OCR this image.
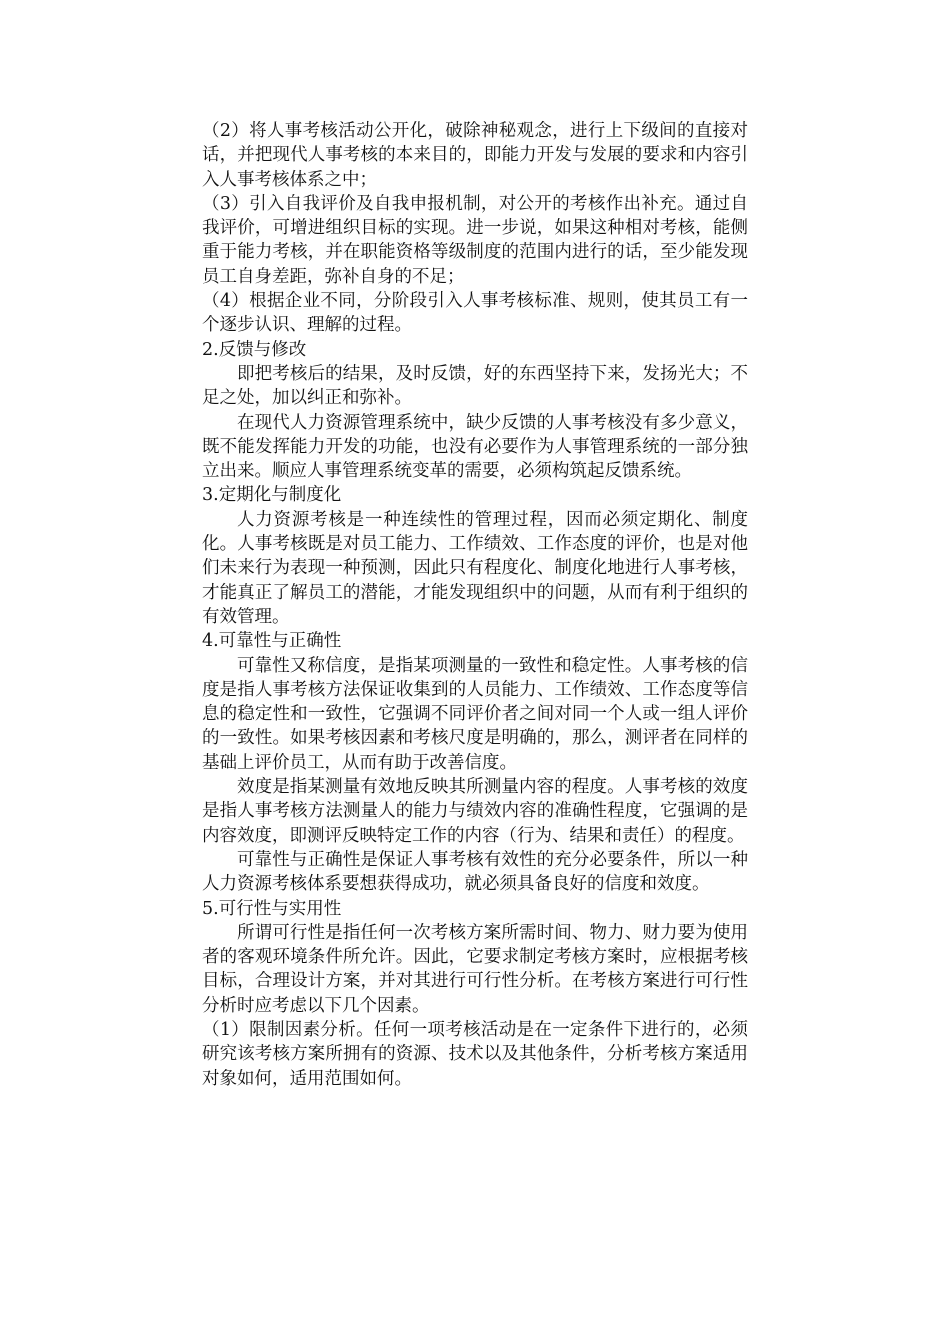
（2）将人事考核活动公开化，破除神秘观念，进行上下级间的直接对话，并把现代人事考核的本来目的，即能力开发与发展的要求和内容引入人事考核体系之中；

（3）引入自我评价及自我申报机制，对公开的考核作出补充。通过自我评价，可增进组织目标的实现。进一步说，如果这种相对考核，能侧重于能力考核，并在职能资格等级制度的范围内进行的话，至少能发现员工自身差距，弥补自身的不足；

（4）根据企业不同，分阶段引入人事考核标准、规则，使其员工有一个逐步认识、理解的过程。

2.反馈与修改

即把考核后的结果，及时反馈，好的东西坚持下来，发扬光大；不足之处，加以纠正和弥补。

在现代人力资源管理系统中，缺少反馈的人事考核没有多少意义，既不能发挥能力开发的功能，也没有必要作为人事管理系统的一部分独立出来。顺应人事管理系统变革的需要，必须构筑起反馈系统。

3.定期化与制度化

人力资源考核是一种连续性的管理过程，因而必须定期化、制度化。人事考核既是对员工能力、工作绩效、工作态度的评价，也是对他们未来行为表现一种预测，因此只有程度化、制度化地进行人事考核，才能真正了解员工的潜能，才能发现组织中的问题，从而有利于组织的有效管理。

4.可靠性与正确性

可靠性又称信度，是指某项测量的一致性和稳定性。人事考核的信度是指人事考核方法保证收集到的人员能力、工作绩效、工作态度等信息的稳定性和一致性，它强调不同评价者之间对同一个人或一组人评价的一致性。如果考核因素和考核尺度是明确的，那么，测评者在同样的基础上评价员工，从而有助于改善信度。

效度是指某测量有效地反映其所测量内容的程度。人事考核的效度是指人事考核方法测量人的能力与绩效内容的准确性程度，它强调的是内容效度，即测评反映特定工作的内容（行为、结果和责任）的程度。

可靠性与正确性是保证人事考核有效性的充分必要条件，所以一种人力资源考核体系要想获得成功，就必须具备良好的信度和效度。

5.可行性与实用性

所谓可行性是指任何一次考核方案所需时间、物力、财力要为使用者的客观环境条件所允许。因此，它要求制定考核方案时，应根据考核目标，合理设计方案，并对其进行可行性分析。在考核方案进行可行性分析时应考虑以下几个因素。

（1）限制因素分析。任何一项考核活动是在一定条件下进行的，必须研究该考核方案所拥有的资源、技术以及其他条件，分析考核方案适用对象如何，适用范围如何。
